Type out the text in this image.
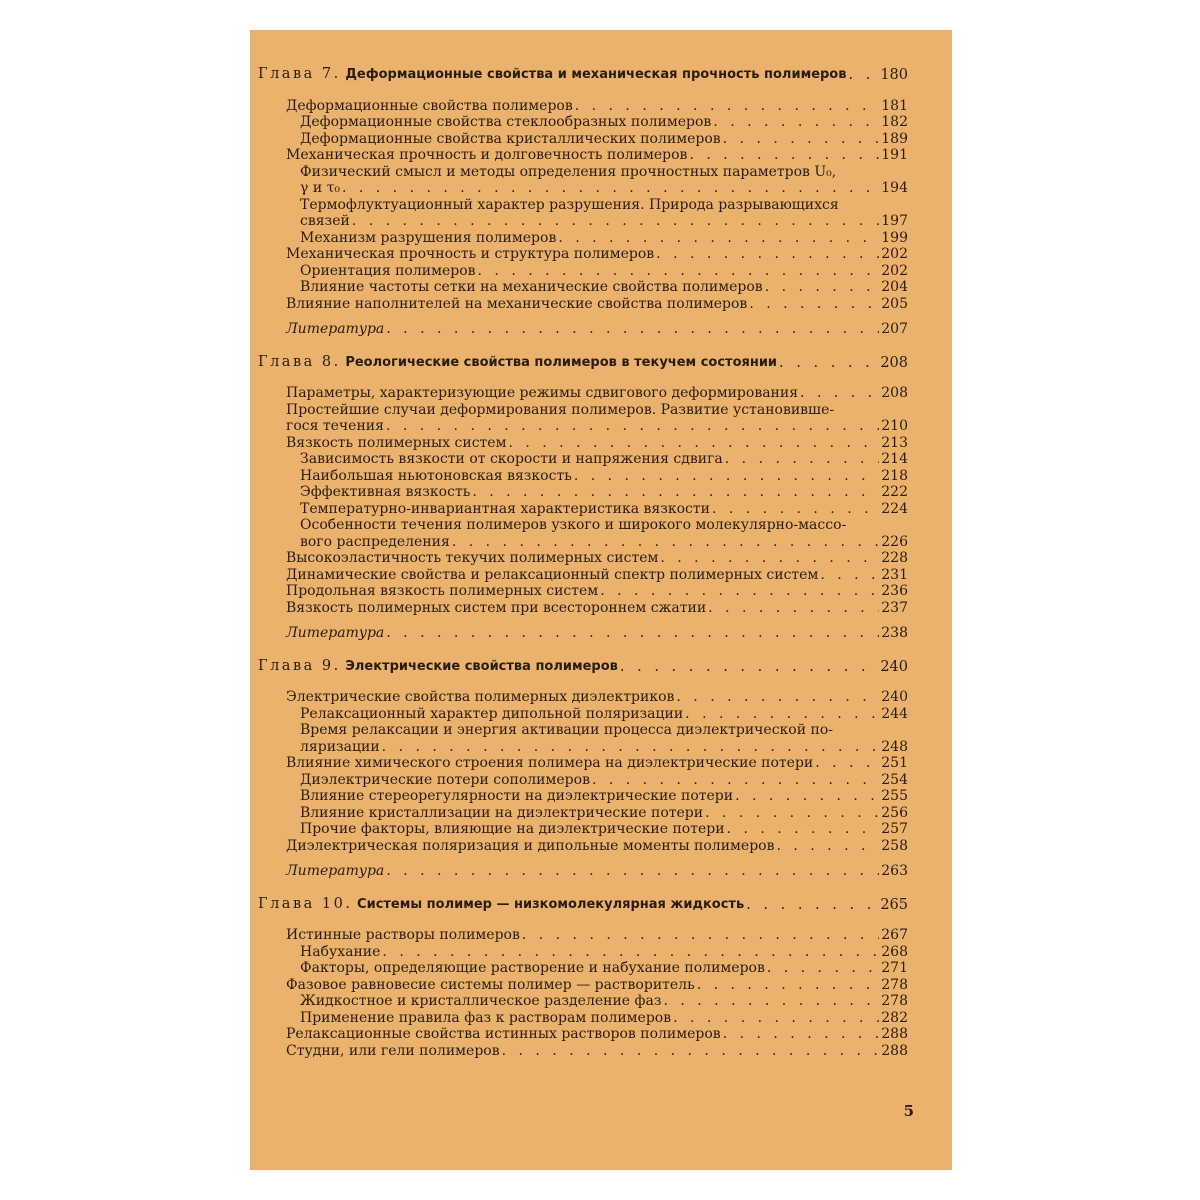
Глава 7. Деформационные свойства и механическая прочность полимеров . . . 180
Деформационные свойства полимеров . . .	181
Деформационные свойства стеклообразных полимеров . . .	182
Деформационные свойства кристаллических полимеров . . .	189
Механическая прочность и долговечность полимеров . . .	191
Физический смысл и методы определения прочностных параметров U₀,
γ и τ₀ . . .	194
Термофлуктуационный характер разрушения. Природа разрывающихся
связей . . .	197
Механизм разрушения полимеров . . .	199
Механическая прочность и структура полимеров . . .	202
Ориентация полимеров . . .	202
Влияние частоты сетки на механические свойства полимеров . . .	204
Влияние наполнителей на механические свойства полимеров . . .	205
Литература . . .	207
Глава 8. Реологические свойства полимеров в текучем состоянии . . .	208
Параметры, характеризующие режимы сдвигового деформирования . . .	208
Простейшие случаи деформирования полимеров. Развитие установивше-
гося течения . . .	210
Вязкость полимерных систем . . .	213
Зависимость вязкости от скорости и напряжения сдвига . . .	214
Наибольшая ньютоновская вязкость . . .	218
Эффективная вязкость . . .	222
Температурно-инвариантная характеристика вязкости . . .	224
Особенности течения полимеров узкого и широкого молекулярно-массо-
вого распределения . . .	226
Высокоэластичность текучих полимерных систем . . .	228
Динамические свойства и релаксационный спектр полимерных систем . . .	231
Продольная вязкость полимерных систем . . .	236
Вязкость полимерных систем при всестороннем сжатии . . .	237
Литература . . .	238
Глава 9. Электрические свойства полимеров . . .	240
Электрические свойства полимерных диэлектриков . . .	240
Релаксационный характер дипольной поляризации . . .	244
Время релаксации и энергия активации процесса диэлектрической по-
ляризации . . .	248
Влияние химического строения полимера на диэлектрические потери . . .	251
Диэлектрические потери сополимеров . . .	254
Влияние стереорегулярности на диэлектрические потери . . .	255
Влияние кристаллизации на диэлектрические потери . . .	256
Прочие факторы, влияющие на диэлектрические потери . . .	257
Диэлектрическая поляризация и дипольные моменты полимеров . . .	258
Литература . . .	263
Глава 10. Системы полимер — низкомолекулярная жидкость . . .	265
Истинные растворы полимеров . . .	267
Набухание . . .	268
Факторы, определяющие растворение и набухание полимеров . . .	271
Фазовое равновесие системы полимер — растворитель . . .	278
Жидкостное и кристаллическое разделение фаз . . .	278
Применение правила фаз к растворам полимеров . . .	282
Релаксационные свойства истинных растворов полимеров . . .	288
Студни, или гели полимеров . . .	288
5
